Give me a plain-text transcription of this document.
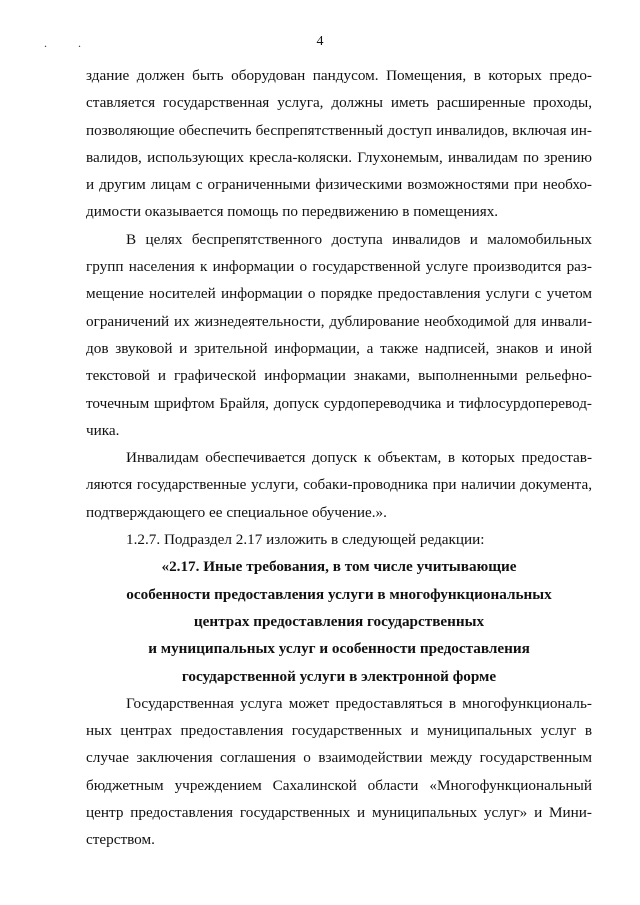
. .	4
здание должен быть оборудован пандусом. Помещения, в которых предо-
ставляется государственная услуга, должны иметь расширенные проходы,
позволяющие обеспечить беспрепятственный доступ инвалидов, включая ин-
валидов, использующих кресла-коляски. Глухонемым, инвалидам по зрению
и другим лицам с ограниченными физическими возможностями при необхо-
димости оказывается помощь по передвижению в помещениях.
В целях беспрепятственного доступа инвалидов и маломобильных
групп населения к информации о государственной услуге производится раз-
мещение носителей информации о порядке предоставления услуги с учетом
ограничений их жизнедеятельности, дублирование необходимой для инвали-
дов звуковой и зрительной информации, а также надписей, знаков и иной
текстовой и графической информации знаками, выполненными рельефно-
точечным шрифтом Брайля, допуск сурдопереводчика и тифлосурдоперевод-
чика.
Инвалидам обеспечивается допуск к объектам, в которых предостав-
ляются государственные услуги, собаки-проводника при наличии документа,
подтверждающего ее специальное обучение.».
1.2.7. Подраздел 2.17 изложить в следующей редакции:
«2.17. Иные требования, в том числе учитывающие
особенности предоставления услуги в многофункциональных
центрах предоставления государственных
и муниципальных услуг и особенности предоставления
государственной услуги в электронной форме
Государственная услуга может предоставляться в многофункциональ-
ных центрах предоставления государственных и муниципальных услуг в
случае заключения соглашения о взаимодействии между государственным
бюджетным учреждением Сахалинской области «Многофункциональный
центр предоставления государственных и муниципальных услуг» и Мини-
стерством.
